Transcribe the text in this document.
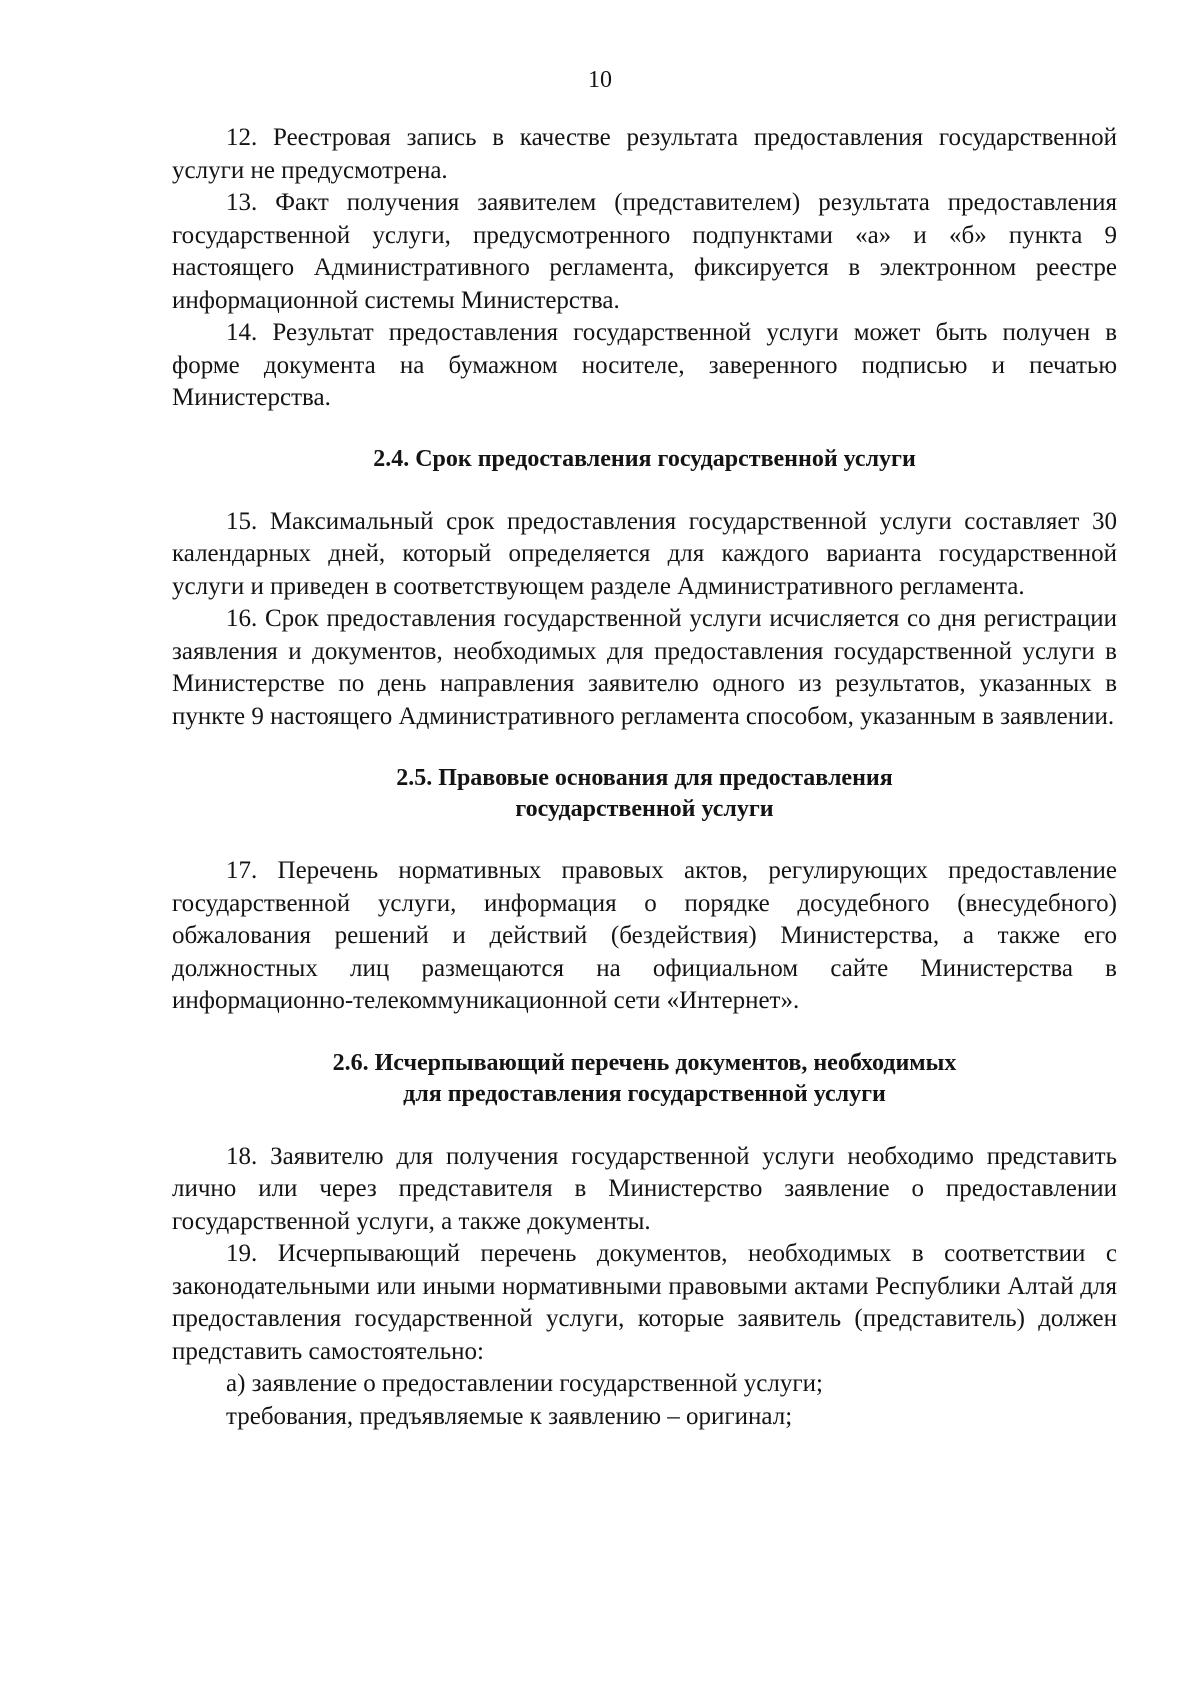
10

12. Реестровая запись в качестве результата предоставления государственной услуги не предусмотрена.

13. Факт получения заявителем (представителем) результата предоставления государственной услуги, предусмотренного подпунктами «а» и «б» пункта 9 настоящего Административного регламента, фиксируется в электронном реестре информационной системы Министерства.

14. Результат предоставления государственной услуги может быть получен в форме документа на бумажном носителе, заверенного подписью и печатью Министерства.

2.4. Срок предоставления государственной услуги

15. Максимальный срок предоставления государственной услуги составляет 30 календарных дней, который определяется для каждого варианта государственной услуги и приведен в соответствующем разделе Административного регламента.

16. Срок предоставления государственной услуги исчисляется со дня регистрации заявления и документов, необходимых для предоставления государственной услуги в Министерстве по день направления заявителю одного из результатов, указанных в пункте 9 настоящего Административного регламента способом, указанным в заявлении.

2.5. Правовые основания для предоставления
государственной услуги

17. Перечень нормативных правовых актов, регулирующих предоставление государственной услуги, информация о порядке досудебного (внесудебного) обжалования решений и действий (бездействия) Министерства, а также его должностных лиц размещаются на официальном сайте Министерства в информационно-телекоммуникационной сети «Интернет».

2.6. Исчерпывающий перечень документов, необходимых
для предоставления государственной услуги

18. Заявителю для получения государственной услуги необходимо представить лично или через представителя в Министерство заявление о предоставлении государственной услуги, а также документы.

19. Исчерпывающий перечень документов, необходимых в соответствии с законодательными или иными нормативными правовыми актами Республики Алтай для предоставления государственной услуги, которые заявитель (представитель) должен представить самостоятельно:

а) заявление о предоставлении государственной услуги;

требования, предъявляемые к заявлению – оригинал;
